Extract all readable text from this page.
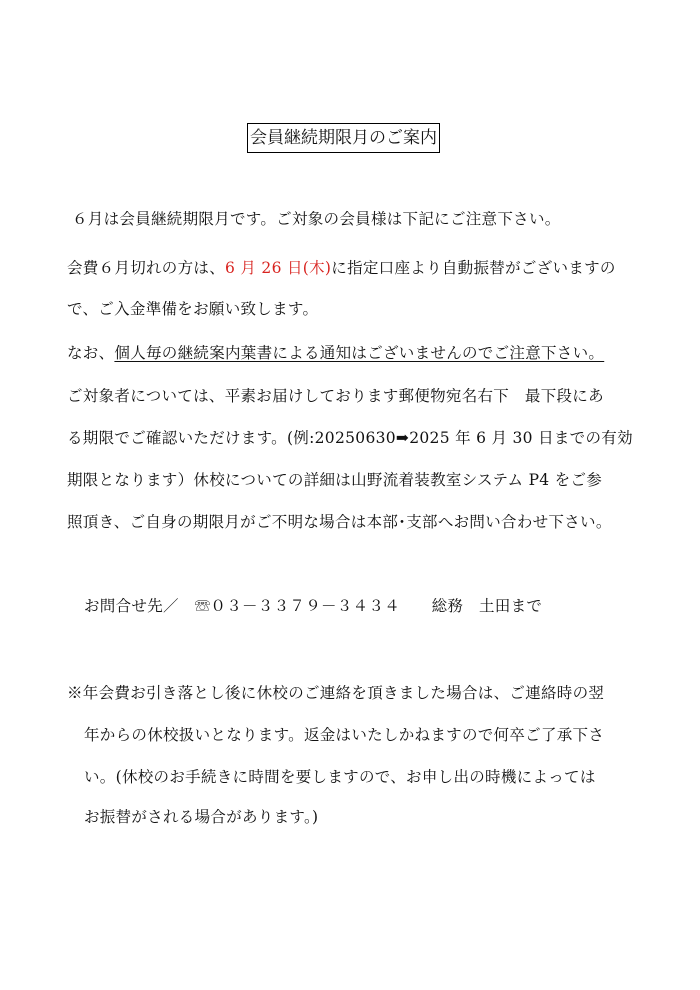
会員継続期限月のご案内
６月は会員継続期限月です。ご対象の会員様は下記にご注意下さい。
会費６月切れの方は、6 月 26 日(木)に指定口座より自動振替がございますの
で、ご入金準備をお願い致します。
なお、個人毎の継続案内葉書による通知はございませんのでご注意下さい。
ご対象者については、平素お届けしております郵便物宛名右下　最下段にあ
る期限でご確認いただけます。(例:20250630➡2025 年 6 月 30 日までの有効
期限となります）休校についての詳細は山野流着装教室システム P4 をご参
照頂き、ご自身の期限月がご不明な場合は本部･支部へお問い合わせ下さい。
お問合せ先／　☏０３－３３７９－３４３４　　総務　土田まで
※年会費お引き落とし後に休校のご連絡を頂きました場合は、ご連絡時の翌
年からの休校扱いとなります。返金はいたしかねますので何卒ご了承下さ
い。(休校のお手続きに時間を要しますので、お申し出の時機によっては
お振替がされる場合があります。)
